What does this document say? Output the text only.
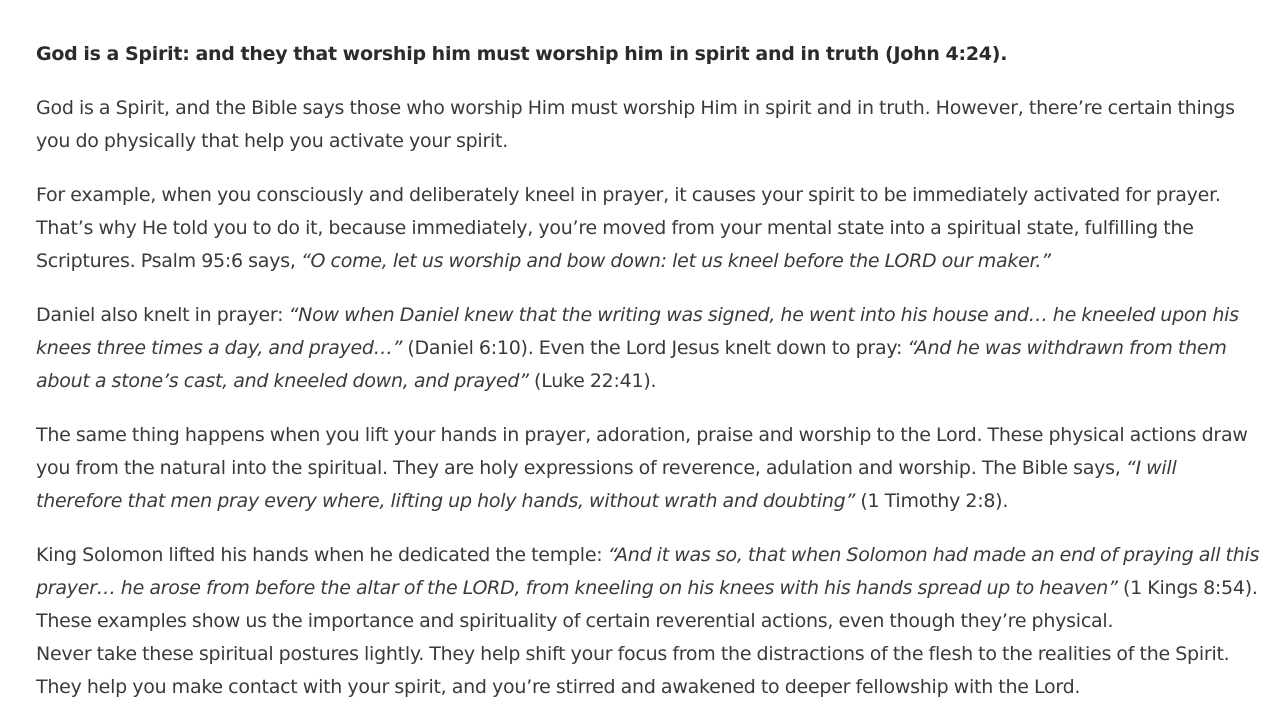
God is a Spirit: and they that worship him must worship him in spirit and in truth (John 4:24).

God is a Spirit, and the Bible says those who worship Him must worship Him in spirit and in truth. However, there’re certain things you do physically that help you activate your spirit.

For example, when you consciously and deliberately kneel in prayer, it causes your spirit to be immediately activated for prayer. That’s why He told you to do it, because immediately, you’re moved from your mental state into a spiritual state, fulfilling the Scriptures. Psalm 95:6 says, “O come, let us worship and bow down: let us kneel before the LORD our maker.”

Daniel also knelt in prayer: “Now when Daniel knew that the writing was signed, he went into his house and… he kneeled upon his knees three times a day, and prayed…” (Daniel 6:10). Even the Lord Jesus knelt down to pray: “And he was withdrawn from them about a stone’s cast, and kneeled down, and prayed” (Luke 22:41).

The same thing happens when you lift your hands in prayer, adoration, praise and worship to the Lord. These physical actions draw you from the natural into the spiritual. They are holy expressions of reverence, adulation and worship. The Bible says, “I will therefore that men pray every where, lifting up holy hands, without wrath and doubting” (1 Timothy 2:8).

King Solomon lifted his hands when he dedicated the temple: “And it was so, that when Solomon had made an end of praying all this prayer… he arose from before the altar of the LORD, from kneeling on his knees with his hands spread up to heaven” (1 Kings 8:54). These examples show us the importance and spirituality of certain reverential actions, even though they’re physical.

Never take these spiritual postures lightly. They help shift your focus from the distractions of the flesh to the realities of the Spirit. They help you make contact with your spirit, and you’re stirred and awakened to deeper fellowship with the Lord.
